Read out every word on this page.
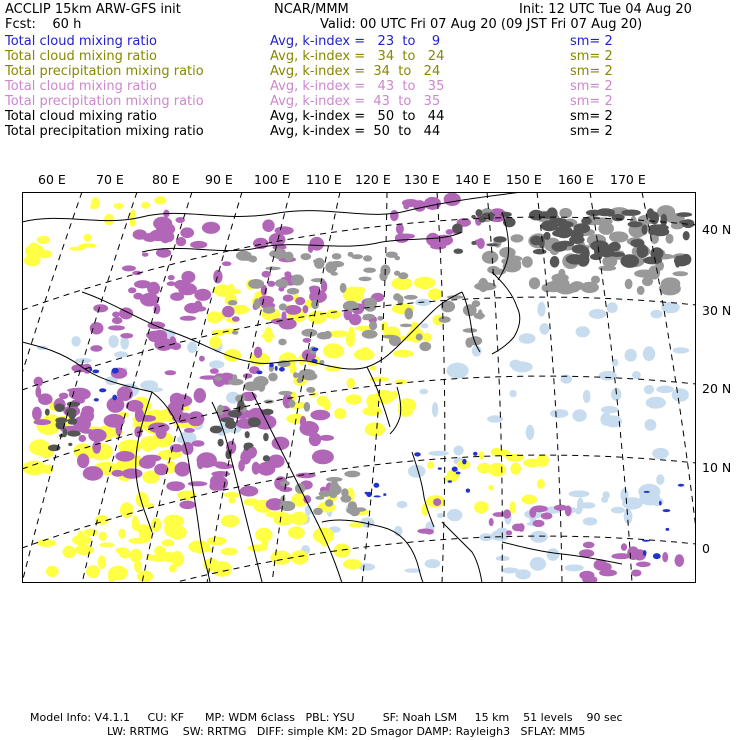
ACCLIP 15km ARW-GFS init	NCAR/MMM	Init: 12 UTC Tue 04 Aug 20
Fcst:    60 h	Valid: 00 UTC Fri 07 Aug 20 (09 JST Fri 07 Aug 20)
Total cloud mixing ratio	Avg, k-index =   23  to    9	sm= 2
Total cloud mixing ratio	Avg, k-index =   34  to   24	sm= 2
Total precipitation mixing ratio	Avg, k-index =  34  to   24	sm= 2
Total cloud mixing ratio	Avg, k-index =   43  to   35	sm= 2
Total precipitation mixing ratio	Avg, k-index =  43  to   35	sm= 2
Total cloud mixing ratio	Avg, k-index =   50  to   44	sm= 2
Total precipitation mixing ratio	Avg, k-index =  50  to   44	sm= 2
60 E 70 E 80 E 90 E 100 E 110 E 120 E 130 E 140 E 150 E 160 E 170 E
40 N
30 N
20 N
10 N
0
Model Info: V4.1.1     CU: KF      MP: WDM 6class   PBL: YSU        SF: Noah LSM     15 km    51 levels    90 sec
LW: RRTMG    SW: RRTMG   DIFF: simple KM: 2D Smagor DAMP: Rayleigh3   SFLAY: MM5
